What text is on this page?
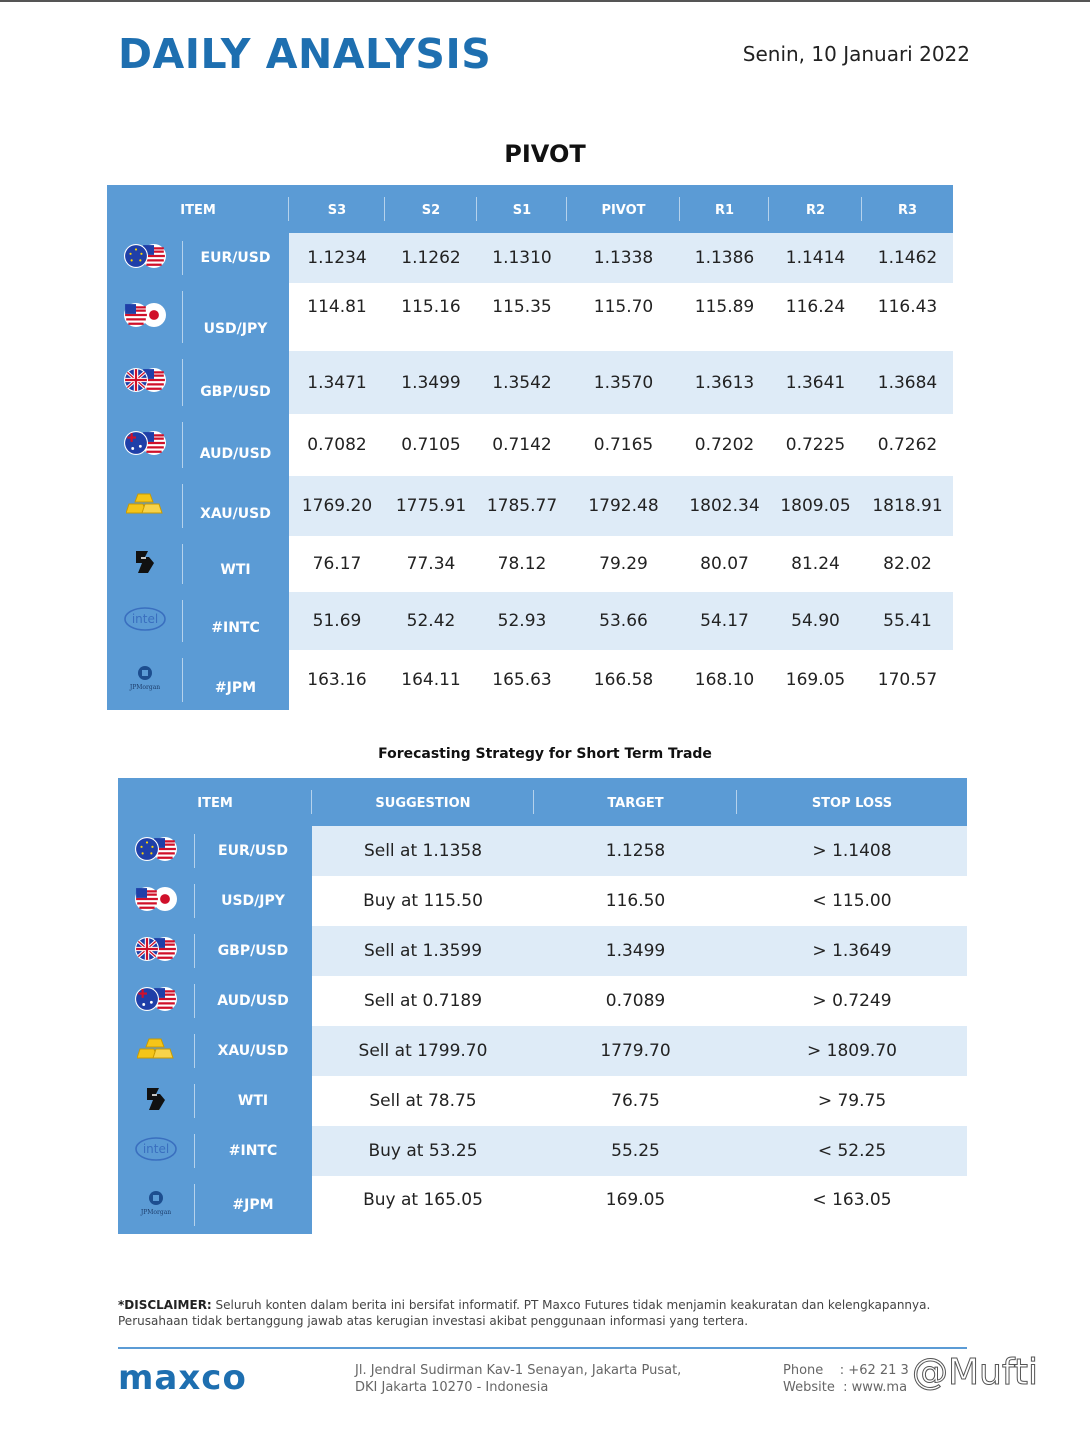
DAILY ANALYSIS	Senin, 10 Januari 2022
PIVOT
ITEM		S3	S2	S1	PIVOT	R1	R2	R3

	EUR/USD	1.1234	1.1262	1.1310	1.1338	1.1386	1.1414	1.1462

	USD/JPY	114.81	115.16	115.35	115.70	115.89	116.24	116.43

	GBP/USD	1.3471	1.3499	1.3542	1.3570	1.3613	1.3641	1.3684

	AUD/USD	0.7082	0.7105	0.7142	0.7165	0.7202	0.7225	0.7262
	XAU/USD	1769.20	1775.91	1785.77	1792.48	1802.34	1809.05	1818.91
	WTI	76.17	77.34	78.12	79.29	80.07	81.24	82.02

intel	#INTC	51.69	52.42	52.93	53.66	54.17	54.90	55.41

JPMorgan	#JPM	163.16	164.11	165.63	166.58	168.10	169.05	170.57
Forecasting Strategy for Short Term Trade
ITEM		SUGGESTION	TARGET	STOP LOSS

	EUR/USD	Sell at 1.1358	1.1258	> 1.1408

	USD/JPY	Buy at 115.50	116.50	< 115.00

	GBP/USD	Sell at 1.3599	1.3499	> 1.3649

	AUD/USD	Sell at 0.7189	0.7089	> 0.7249
	XAU/USD	Sell at 1799.70	1779.70	> 1809.70
	WTI	Sell at 78.75	76.75	> 79.75

intel	#INTC	Buy at 53.25	55.25	< 52.25

JPMorgan	#JPM	Buy at 165.05	169.05	< 163.05
*DISCLAIMER: Seluruh konten dalam berita ini bersifat informatif. PT Maxco Futures tidak menjamin keakuratan dan kelengkapannya. Perusahaan tidak bertanggung jawab atas kerugian investasi akibat penggunaan informasi yang tertera.
maxco	Jl. Jendral Sudirman Kav-1 Senayan, Jakarta Pusat,
DKI Jakarta 10270 - Indonesia
Phone    : +62 21 3
Website  : www.ma @Mufti
